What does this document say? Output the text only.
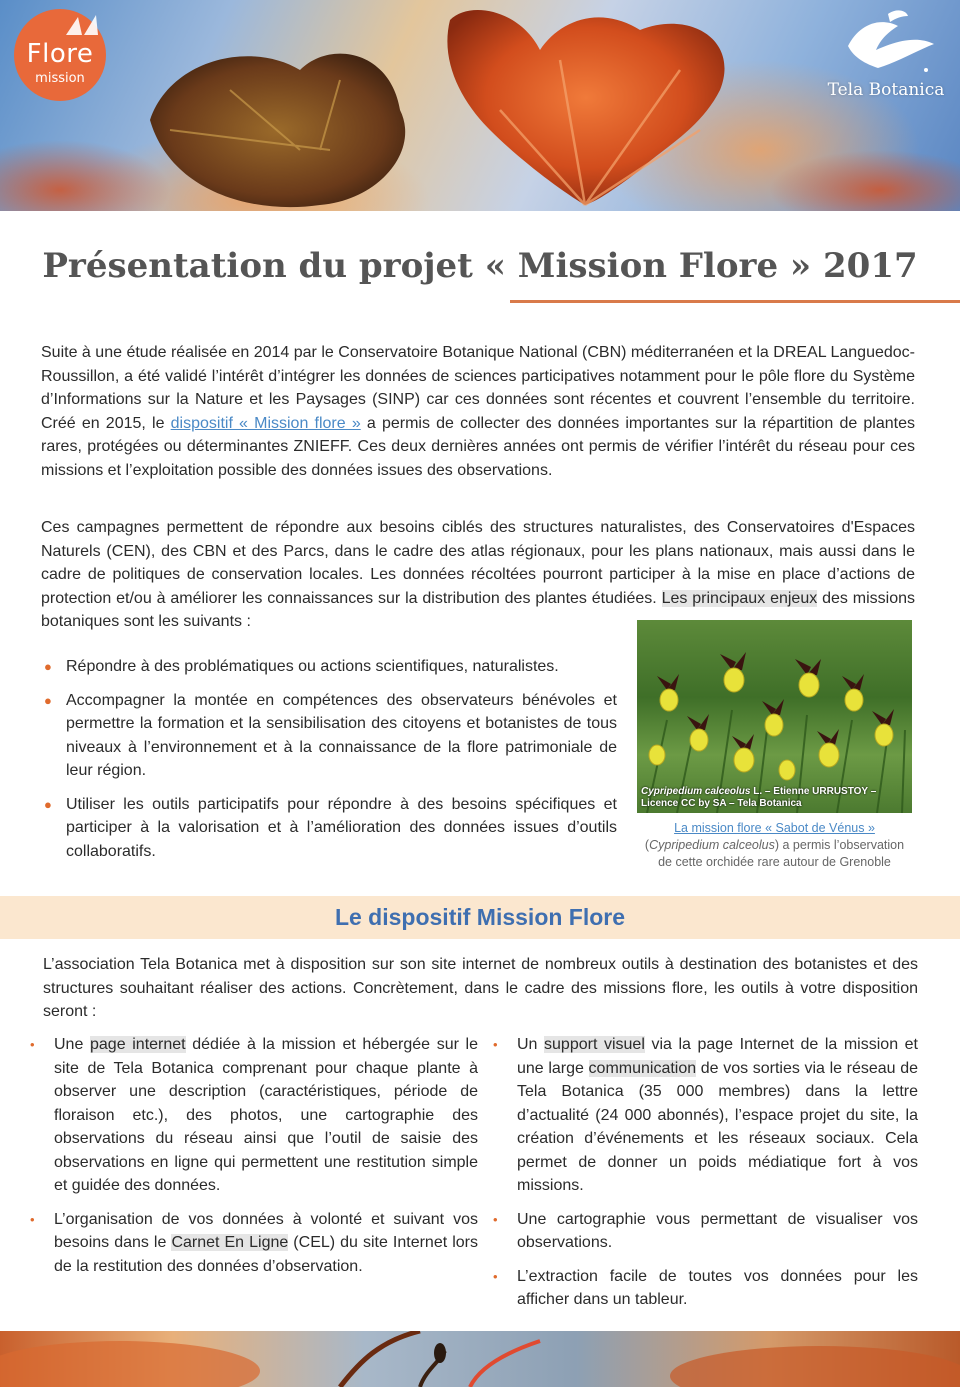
Flore
mission
Tela Botanica
Présentation du projet « Mission Flore » 2017

Suite à une étude réalisée en 2014 par le Conservatoire Botanique National (CBN) méditerranéen et la DREAL Languedoc-Roussillon, a été validé l’intérêt d’intégrer les données de sciences participatives notamment pour le pôle flore du Système d’Informations sur la Nature et les Paysages (SINP) car ces données sont récentes et couvrent l’ensemble du territoire. Créé en 2015, le dispositif « Mission flore » a permis de collecter des données importantes sur la répartition de plantes rares, protégées ou déterminantes ZNIEFF. Ces deux dernières années ont permis de vérifier l’intérêt du réseau pour ces missions et l’exploitation possible des données issues des observations.

Ces campagnes permettent de répondre aux besoins ciblés des structures naturalistes, des Conservatoires d'Espaces Naturels (CEN), des CBN et des Parcs, dans le cadre des atlas régionaux, pour les plans nationaux, mais aussi dans le cadre de politiques de conservation locales. Les données récoltées pourront participer à la mise en place d’actions de protection et/ou à améliorer les connaissances sur la distribution des plantes étudiées. Les principaux enjeux des missions botaniques sont les suivants :

● Répondre à des problématiques ou actions scientifiques, naturalistes.
● Accompagner la montée en compétences des observateurs bénévoles et permettre la formation et la sensibilisation des citoyens et botanistes de tous niveaux à l’environnement et à la connaissance de la flore patrimoniale de leur région.
● Utiliser les outils participatifs pour répondre à des besoins spécifiques et participer à la valorisation et à l’amélioration des données issues d’outils collaboratifs.
Cypripedium calceolus L. – Etienne URRUSTOY – Licence CC by SA – Tela Botanica

La mission flore « Sabot de Vénus »
(Cypripedium calceolus) a permis l’observation de cette orchidée rare autour de Grenoble

Le dispositif Mission Flore

L’association Tela Botanica met à disposition sur son site internet de nombreux outils à destination des botanistes et des structures souhaitant réaliser des actions. Concrètement, dans le cadre des missions flore, les outils à votre disposition seront :

• Une page internet dédiée à la mission et hébergée sur le site de Tela Botanica comprenant pour chaque plante à observer une description (caractéristiques, période de floraison etc.), des photos, une cartographie des observations du réseau ainsi que l’outil de saisie des observations en ligne qui permettent une restitution simple et guidée des données.
• L’organisation de vos données à volonté et suivant vos besoins dans le Carnet En Ligne (CEL) du site Internet lors de la restitution des données d’observation.
• Un support visuel via la page Internet de la mission et une large communication de vos sorties via le réseau de Tela Botanica (35 000 membres) dans la lettre d’actualité (24 000 abonnés), l’espace projet du site, la création d’événements et les réseaux sociaux. Cela permet de donner un poids médiatique fort à vos missions.
• Une cartographie vous permettant de visualiser vos observations.
• L’extraction facile de toutes vos données pour les afficher dans un tableur.
